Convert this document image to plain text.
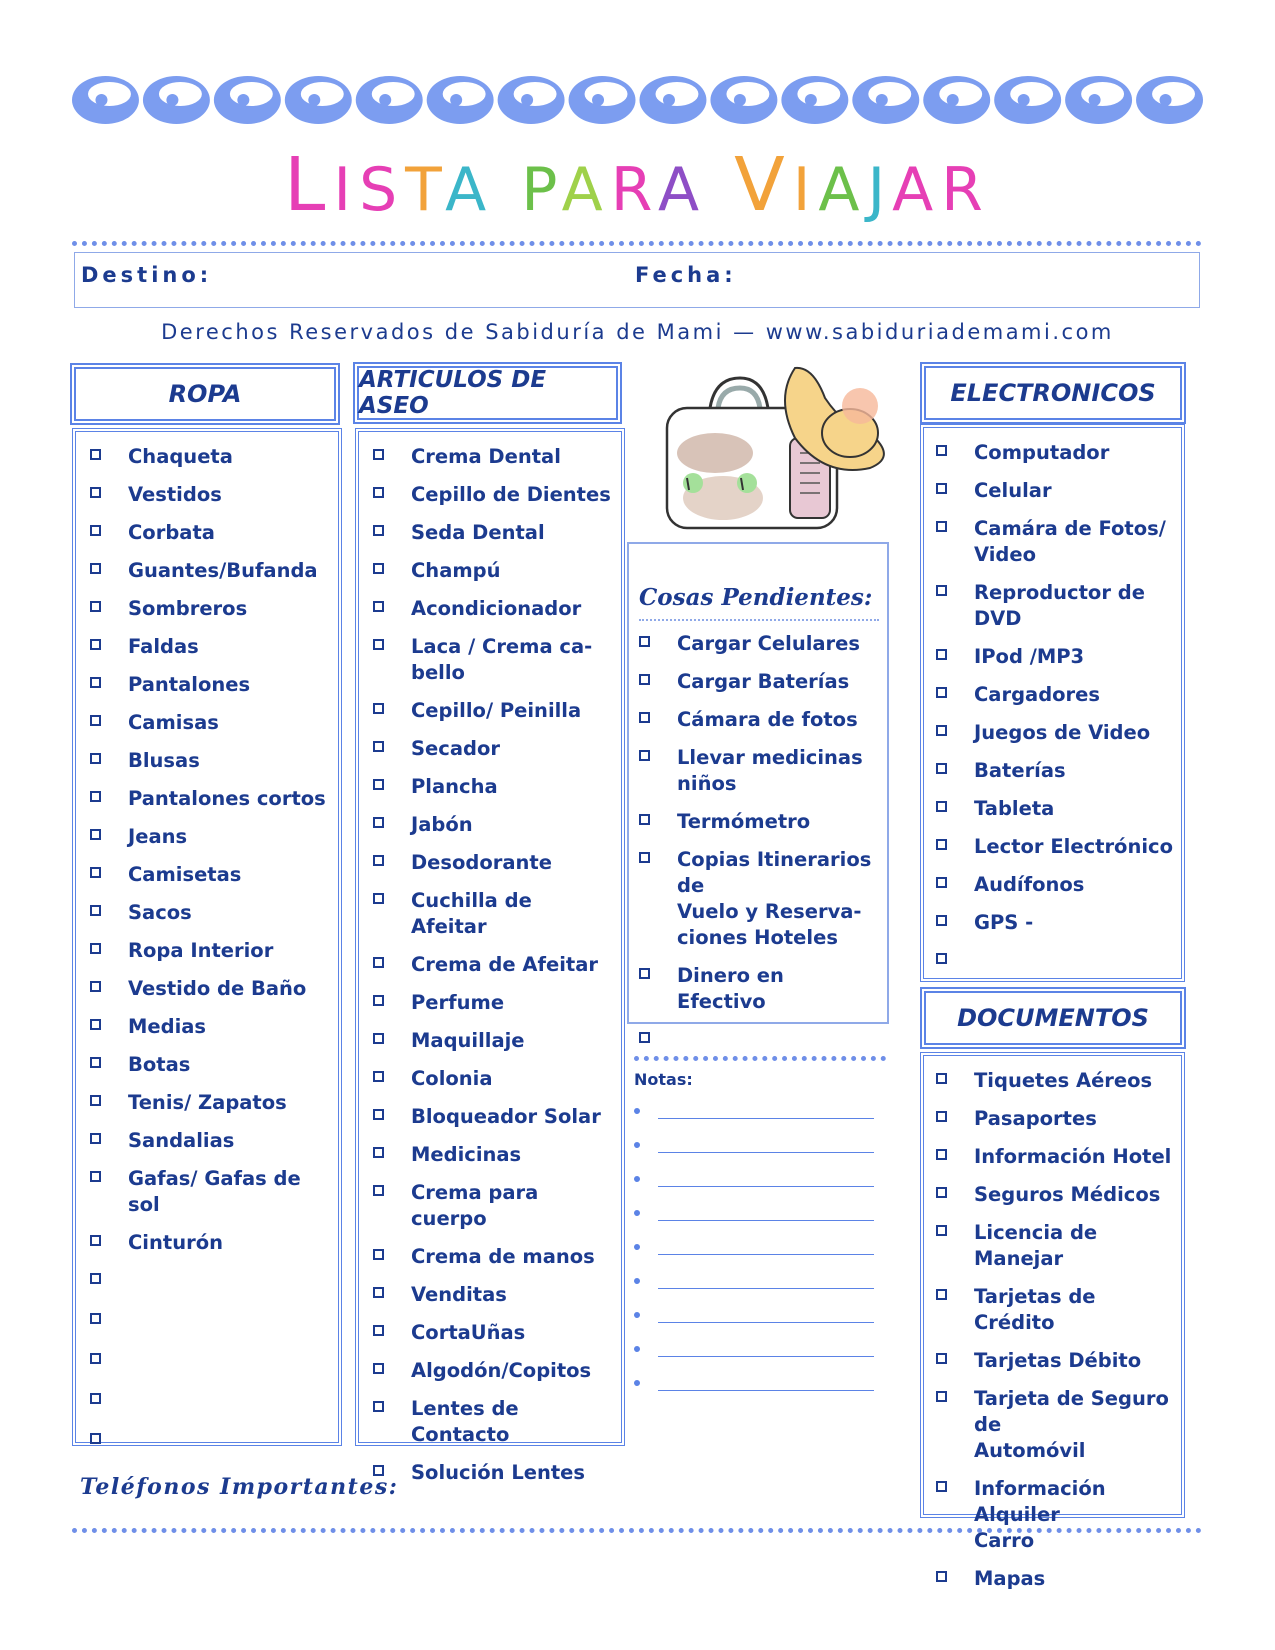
LISTA PARA VIAJAR
Destino:	Fecha:
Derechos Reservados de Sabiduría de Mami — www.sabiduriademami.com
ROPA
Chaqueta
Vestidos
Corbata
Guantes/Bufanda
Sombreros
Faldas
Pantalones
Camisas
Blusas
Pantalones cortos
Jeans
Camisetas
Sacos
Ropa Interior
Vestido de Baño
Medias
Botas
Tenis/ Zapatos
Sandalias
Gafas/ Gafas de sol
Cinturón
ARTICULOS DE ASEO
Crema Dental
Cepillo de Dientes
Seda Dental
Champú
Acondicionador
Laca / Crema ca-
bello
Cepillo/ Peinilla
Secador
Plancha
Jabón
Desodorante
Cuchilla de Afeitar
Crema de Afeitar
Perfume
Maquillaje
Colonia
Bloqueador Solar
Medicinas
Crema para cuerpo
Crema de manos
Venditas
CortaUñas
Algodón/Copitos
Lentes de Contacto
Solución Lentes
Cosas Pendientes:
Cargar Celulares
Cargar Baterías
Cámara de fotos
Llevar medicinas
niños
Termómetro
Copias Itinerarios de
Vuelo y Reserva-
ciones Hoteles
Dinero en Efectivo
Notas:
ELECTRONICOS
Computador
Celular
Camára de Fotos/
Video
Reproductor de DVD
IPod /MP3
Cargadores
Juegos de Video
Baterías
Tableta
Lector Electrónico
Audífonos
GPS -
DOCUMENTOS
Tiquetes Aéreos
Pasaportes
Información Hotel
Seguros Médicos
Licencia de Manejar
Tarjetas de Crédito
Tarjetas Débito
Tarjeta de Seguro de
Automóvil
Información Alquiler
Carro
Mapas
Teléfonos Importantes:
